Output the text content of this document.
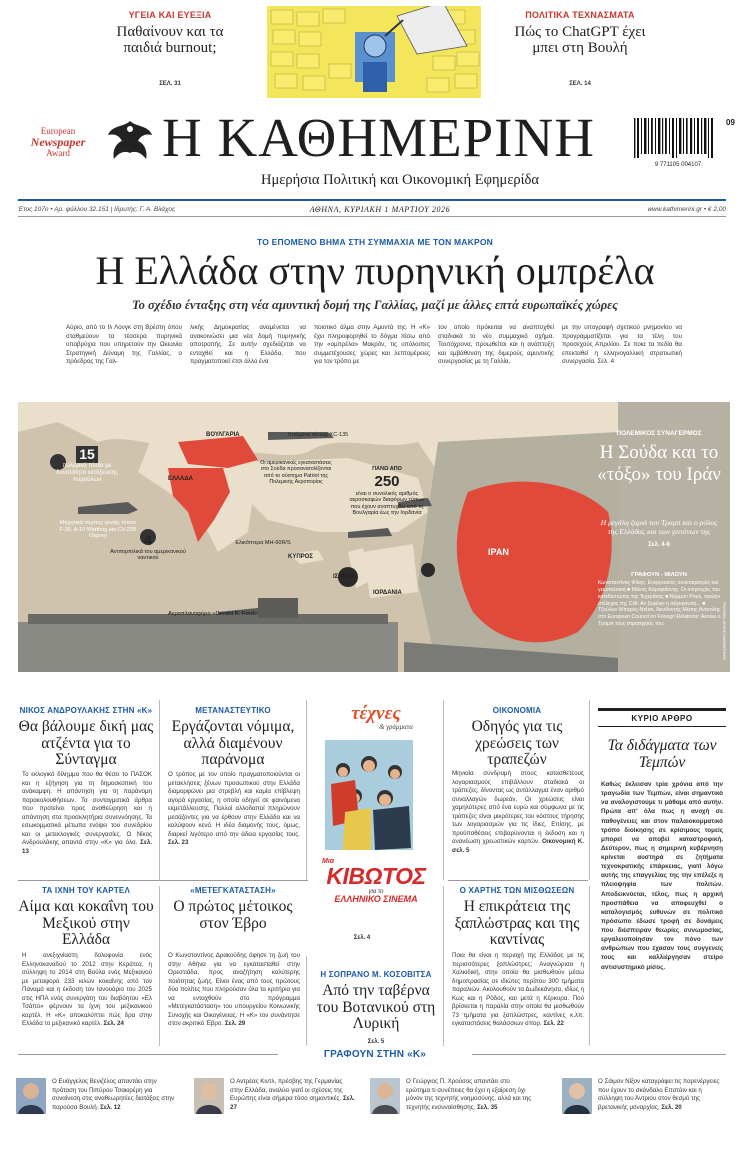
ΥΓΕΙΑ ΚΑΙ ΕΥΕΞΙΑ
Παθαίνουν και τα παιδιά burnout;
ΣΕΛ. 31
ΠΟΛΙΤΙΚΑ ΤΕΧΝΑΣΜΑΤΑ
Πώς το ChatGPT έχει μπει στη Βουλή
ΣΕΛ. 14
European
Newspaper
Award	Η ΚΑΘΗΜΕΡΙΝΗ
Ημερήσια Πολιτική και Οικονομική Εφημερίδα
9 771105 004107
09
Έτος 107ο • Αρ. φύλλου 32.151 | Ιδρυτής: Γ. Α. Βλάχος	ΑΘΗΝΑ, ΚΥΡΙΑΚΗ 1 ΜΑΡΤΙΟΥ 2026	www.kathimerini.gr • € 2,00
ΤΟ ΕΠΟΜΕΝΟ ΒΗΜΑ ΣΤΗ ΣΥΜΜΑΧΙΑ ΜΕ ΤΟΝ ΜΑΚΡΟΝ
Η Ελλάδα στην πυρηνική ομπρέλα
Το σχέδιο ένταξης στη νέα αμυντική δομή της Γαλλίας, μαζί με άλλες επτά ευρωπαϊκές χώρες
Αύριο, από το Ιλ Λονγκ στη Βρέστη όπου σταθμεύουν τα τέσσερα πυρηνικά υποβρύχια που υπηρετούν την Ωκεανία Στρατηγική Δύναμη της Γαλλίας, ο πρόεδρος της Γαλ-
λικής Δημοκρατίας αναμένεται να ανακοινώσει μια νέα δομή πυρηνικής αποτροπής. Σε αυτήν σχεδιάζεται να ενταχθεί και η Ελλάδα, που πραγματοποιεί έτσι άλλο ένα
ποιοτικό άλμα στην Αμυντά της. Η «Κ» έχει πληροφορηθεί το δόγμα πίσω από την «ομπρέλα» Μακρόν, τις υπόλοιπες συμμετέχουσες χώρες και λεπτομέρειες για τον τρόπο με
τον οποίο πρόκειται να αναπτυχθεί σταδιακά το νέο συμμαχικό σχήμα. Ταυτόχρονα, προωθείται και η ανάπτυξη και εμβάθυνση της διμερούς αμυντικής συνεργασίας με τη Γαλλία,
με την υπογραφή σχετικού μνημονίου να προγραμματίζεται για τα τέλη του προσεχούς Απριλίου. Σε ποια τα πεδία θα επεκταθεί η ελληνογαλλική στρατιωτική συνεργασία. Σελ. 4
ΒΟΥΛΓΑΡΙΑ
ΕΛΛΑΔΑ
ΚΥΠΡΟΣ
ΙΣΡΑΗΛ
ΙΟΡΔΑΝΙΑ
ΙΡΑΝ
15
πολεμικά πλοία με δυνατότητα εκτόξευσης πυραύλων
Μαχητικά πέρπης γενιάς τύπου F-35, A-10 Warthog και CV-22B Osprey
Ιπτάμενα τάνκερ KC-135
Οι αμερικανικές εγκαταστάσεις στο Σούδα προσανατολίζονται από το σύστημα Patriot της Πολεμικής Αεροπορίας
ΠΑΝΩ ΑΠΟ
250
είναι ο συνολικός αριθμός αεροσκαφών διαφόρων τύπων που έχουν αναπτυχθεί από τη Βουλγαρία έως την Ιορδανία
4
Αντιτορπιλικά του αμερικανικού ναυτικού
Ελικόπτερα MH-60R/S
Αεροπλανοφόρο «Gerald R. Ford»
ΠΟΛΕΜΙΚΟΣ ΣΥΝΑΓΕΡΜΟΣ
Η Σούδα και το «τόξο» του Ιράν
Η μεγάλη ζαριά του Τραμπ και ο ρόλος της Ελλάδας και των γειτόνων της
Σελ. 4-8
ΓΡΑΦΟΥΝ - ΜΙΛΟΥΝ
Κωνσταντίνος Φίλης: Ενεργειακός συνεταιρισμός και γεωπολιτική ■ Μάνος Καραγιάννης: Οι ανησυχίες του κατεθεστώτος της Τεχεράνης ■ Νόρμαν Ρουλ, πρώην στέλεχος της CIA: Αν ξεφύγει η σύγκρουση... ■ Τζούλιεν Μπαρνς-Ντέισι, διευθυντής Μέσης Ανατολής στο European Council on Foreign Relations: Ακούει ο Τραμπ τους στρατηγούς του;	ΓΡΑΦΗΜΑ: ΑΡΧΕΙΟ ΚΑΘΗΜΕΡΙΝΗΣ
ΝΙΚΟΣ ΑΝΔΡΟΥΛΑΚΗΣ ΣΤΗΝ «Κ»
Θα βάλουμε δική μας ατζέντα για το Σύνταγμα
Το εκλογικό δίλημμα που θα θέσει το ΠΑΣΟΚ και η εξήγηση για τη δημοσκοπική του ανάκαμψη. Η απάντηση για τη παράνομη παρακολουθήσεων. Τα συνταγματικά άρθρα που προτείνει προς αναθεώρηση και η απάντηση στα προσκλητήρια συνεννόησης. Τα εσωκομματικά μέτωπα ενόψει του συνεδρίου και οι μετεκλογικές συνεργασίες. Ο Νίκος Ανδρουλάκης απαντά στην «Κ» για όλα. Σελ. 13
ΜΕΤΑΝΑΣΤΕΥΤΙΚΟ
Εργάζονται νόμιμα, αλλά διαμένουν παράνομα
Ο τρόπος με τον οποίο πραγματοποιούνται οι μετακλήσεις ξένων προσωπικού στην Ελλάδα διαμορφώνει μια στρεβλή και καμία επίβλεψη αγορά εργασίας, η οποία οδηγεί σε φαινόμενα εκμετάλλευσης. Πολλοί αλλοδαποί πληρώνουν μεσάζοντες για να έρθουν στην Ελλάδα και να καλύψουν κενό. Η ιδέα διαμονής τους, όμως, διαρκεί λιγότερο από την άδεια εργασίας τους. Σελ. 23
τέχνες
& γράμματα
Μια
ΚΙΒΩΤΟΣ
για το
ΕΛΛΗΝΙΚΟ ΣΙΝΕΜΑ
Σελ. 4
ΟΙΚΟΝΟΜΙΑ
Οδηγός για τις χρεώσεις των τραπεζών
Μηνιαία συνδρομή στους κατασθετέους λογαριασμούς επιβάλλουν σταδιακά οι τράπεζες, δίνοντας ως αντάλλαγμα έναν αριθμό συναλλαγών δωρεάν. Οι χρεώσεις είναι χαμηλότερες από ένα ευρώ και σύμφωνα με τις τράπεζες είναι μικρότερες του κόστους τήρησης των λογαριασμών για τις ίδιες. Επίσης, με προϋποθέσεις επιβαρύνονται η έκδοση και η ανανέωση χρεωστικών καρτών. Οικονομική Κ. σελ. 5
ΚΥΡΙΟ ΑΡΘΡΟ
Τα διδάγματα των Τεμπών
Καθώς έκλεισαν τρία χρόνια από την τραγωδία των Τεμπών, είναι σημαντικό να αναλογιστούμε τι μάθαμε από αυτήν. Πρώτα απ' όλα πως η ανοχή σε παθογένειες και στον παλαιοκομματικό τρόπο διοίκησης σε κρίσιμους τομείς μπορεί να αποβεί καταστροφική. Δεύτερον, πως η σημερινή κυβέρνηση κρίνεται αυστηρά σε ζητήματα τεχνοκρατικής επάρκειας, γιατί λόγω αυτής της επαγγελίας της την επέλεξε η πλειοψηφία των πολιτών. Αποδεικνύεται, τέλος, πως η αρχική προσπάθεια να αποφευχθεί ο καταλογισμός ευθυνών σε πολιτικό πρόσωπο έδωσε τροφή σε δυνάμεις που διέσπειραν θεωρίες συνωμοσίας, εργαλειοποίησαν τον πόνο των ανθρώπων που έχασαν τους συγγενείς τους και καλλιέργησαν στείρο αντισυστημικό μίσος.
ΤΑ ΙΧΝΗ ΤΟΥ ΚΑΡΤΕΛ
Αίμα και κοκαΐνη του Μεξικού στην Ελλάδα
Η ανεξιχνίαστη δολοφονία ενός Ελληνοκαναδού το 2012 στην Κεράτεα, η σύλληψη το 2014 στη Βούλα ενός Μεξικανού με μεταφορά 233 κιλών κοκαΐνης από τον Παναμά και η έκδοση τον Ιανουάριο του 2025 στις ΗΠΑ ενός συνεργάτη του διαβόητου «Ελ Τσάπο» φέρνουν τα ίχνη του μεξικανικού καρτέλ. Η «Κ» αποκαλύπτει πώς δρα στην Ελλάδα το μεξικανικό καρτέλ. Σελ. 24
«ΜΕΤΕΓΚΑΤΑΣΤΑΣΗ»
Ο πρώτος μέτοικος στον Έβρο
Ο Κωνσταντίνος Δρακούδης άφησε τη ζωή του στην Αθήνα για να εγκατασταθεί στην Ορεστιάδα, προς αναζήτηση καλύτερης ποιότητας ζωής. Είναι ένας από τους πρώτους δύο πολίτες που πληρούσαν όλα τα κριτήρια για να ενταχθούν στο πρόγραμμα «Μετεγκατάσταση» του υπουργείου Κοινωνικής Συνοχής και Οικογένειας. Η «Κ» τον συνάντησε στον ακριτικό Έβρο. Σελ. 29
Η ΣΟΠΡΑΝΟ Μ. ΚΟΣΟΒΙΤΣΑ
Από την ταβέρνα του Βοτανικού στη Λυρική
Σελ. 5
Ο ΧΑΡΤΗΣ ΤΩΝ ΜΙΣΘΩΣΕΩΝ
Η επικράτεια της ξαπλώστρας και της καντίνας
Ποια θα είναι η περιοχή της Ελλάδας με τις περισσότερες ξαπλώστρες; Αναγνώρισα η Χαλκιδική, στην οποία θα μισθωθούν μέσω δημοπρασίας σε ιδιώτες περίπου 300 τμήματα παραλιών. Ακολουθούν τα Δωδεκάνησα, ιδίως η Κως και η Ρόδος, και μετά η Κέρκυρα. Πού βρίσκεται η παραλία στην οποία θα μισθωθούν 73 τμήματα για ξαπλώστρες, καντίνες κ.λπ. εγκαταστάσεις θαλάσσιων σπορ. Σελ. 22
ΓΡΑΦΟΥΝ ΣΤΗΝ «Κ»
Ο Ευάγγελος Βενιζέλος απαντάει στην πρόταση του Πιπύρου Τσακιρέρη για συναίνεση στις αναθεωρητέες διατάξεις στην παρούσα Βουλή. Σελ. 12
Ο Αντρέας Κιντλ, πρέσβης της Γερμανίας στην Ελλάδα, αναλύει γιατί οι σχέσεις της Ευρώπης είναι σήμερα τόσο σημαντικές. Σελ. 27
Ο Γεώργιος Π. Χρούσος απαντάει στο ερώτημα τι συνέπειες θα έχει η εξαίρεση όχι μόνον της τεχνητής νοημοσύνης, αλλά και της τεχνητής ενσυναίσθησης. Σελ. 35
Ο Σάιμον Νίξον καταγράφει τις παρενέργειες που έχουν το σκάνδαλο Επστάιν και η σύλληψη του Άντριου στον θεσμό της βρετανικής μοναρχίας. Σελ. 20
